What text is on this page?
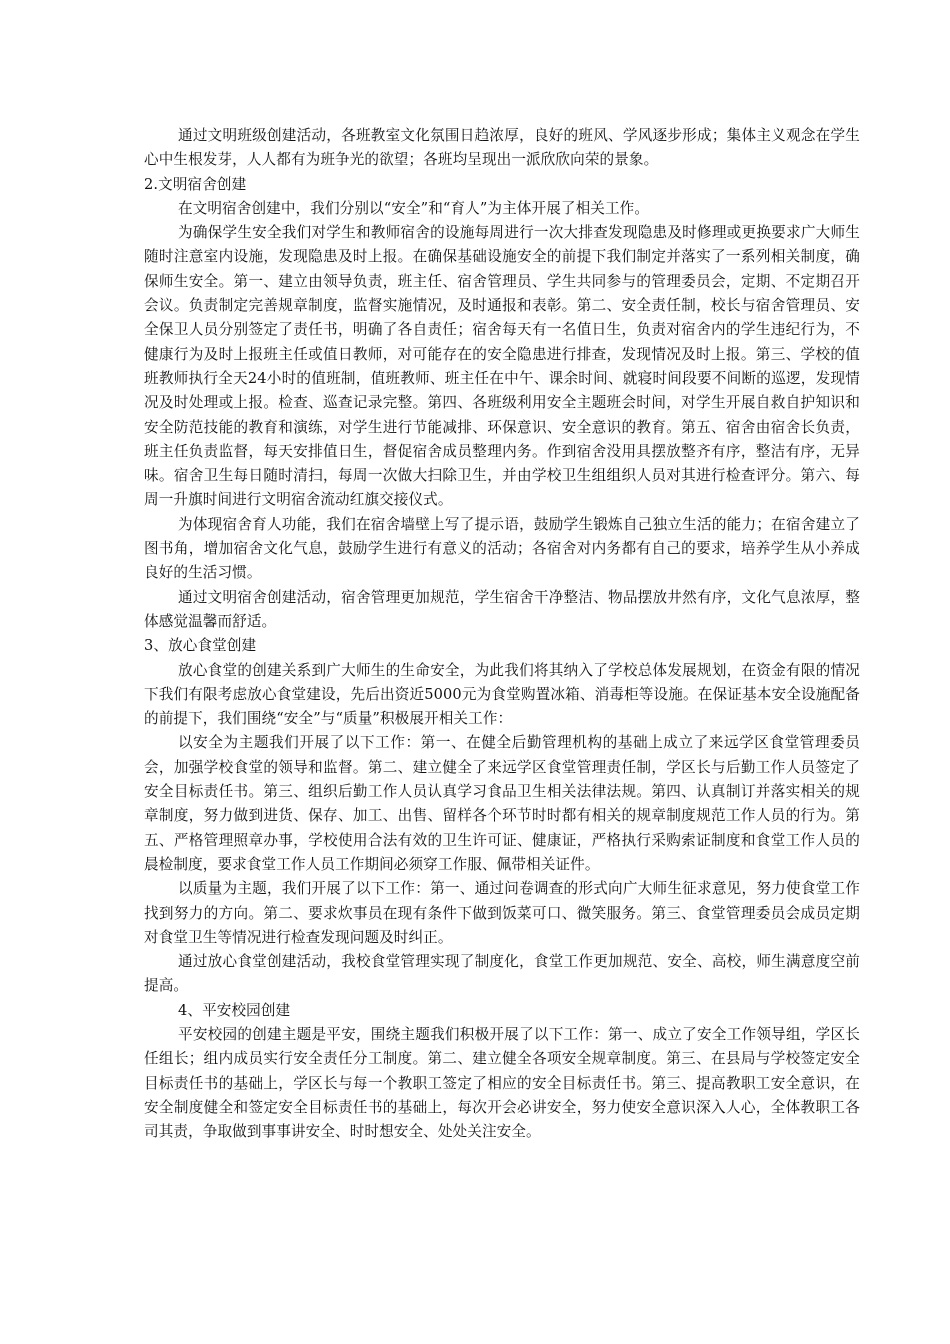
通过文明班级创建活动，各班教室文化氛围日趋浓厚，良好的班风、学风逐步形成；集体主义观念在学生心中生根发芽，人人都有为班争光的欲望；各班均呈现出一派欣欣向荣的景象。

2.文明宿舍创建

在文明宿舍创建中，我们分别以“安全”和“育人”为主体开展了相关工作。

为确保学生安全我们对学生和教师宿舍的设施每周进行一次大排查发现隐患及时修理或更换要求广大师生随时注意室内设施，发现隐患及时上报。在确保基础设施安全的前提下我们制定并落实了一系列相关制度，确保师生安全。第一、建立由领导负责，班主任、宿舍管理员、学生共同参与的管理委员会，定期、不定期召开会议。负责制定完善规章制度，监督实施情况，及时通报和表彰。第二、安全责任制，校长与宿舍管理员、安全保卫人员分别签定了责任书，明确了各自责任；宿舍每天有一名值日生，负责对宿舍内的学生违纪行为，不健康行为及时上报班主任或值日教师，对可能存在的安全隐患进行排查，发现情况及时上报。第三、学校的值班教师执行全天24小时的值班制，值班教师、班主任在中午、课余时间、就寝时间段要不间断的巡逻，发现情况及时处理或上报。检查、巡查记录完整。第四、各班级利用安全主题班会时间，对学生开展自救自护知识和安全防范技能的教育和演练，对学生进行节能减排、环保意识、安全意识的教育。第五、宿舍由宿舍长负责，班主任负责监督，每天安排值日生，督促宿舍成员整理内务。作到宿舍没用具摆放整齐有序，整洁有序，无异味。宿舍卫生每日随时清扫，每周一次做大扫除卫生，并由学校卫生组组织人员对其进行检查评分。第六、每周一升旗时间进行文明宿舍流动红旗交接仪式。

为体现宿舍育人功能，我们在宿舍墙壁上写了提示语，鼓励学生锻炼自己独立生活的能力；在宿舍建立了图书角，增加宿舍文化气息，鼓励学生进行有意义的活动；各宿舍对内务都有自己的要求，培养学生从小养成良好的生活习惯。

通过文明宿舍创建活动，宿舍管理更加规范，学生宿舍干净整洁、物品摆放井然有序，文化气息浓厚，整体感觉温馨而舒适。

3、放心食堂创建

放心食堂的创建关系到广大师生的生命安全，为此我们将其纳入了学校总体发展规划，在资金有限的情况下我们有限考虑放心食堂建设，先后出资近5000元为食堂购置冰箱、消毒柜等设施。在保证基本安全设施配备的前提下，我们围绕“安全”与“质量”积极展开相关工作：

以安全为主题我们开展了以下工作：第一、在健全后勤管理机构的基础上成立了来远学区食堂管理委员会，加强学校食堂的领导和监督。第二、建立健全了来远学区食堂管理责任制，学区长与后勤工作人员签定了安全目标责任书。第三、组织后勤工作人员认真学习食品卫生相关法律法规。第四、认真制订并落实相关的规章制度，努力做到进货、保存、加工、出售、留样各个环节时时都有相关的规章制度规范工作人员的行为。第五、严格管理照章办事，学校使用合法有效的卫生许可证、健康证，严格执行采购索证制度和食堂工作人员的晨检制度，要求食堂工作人员工作期间必须穿工作服、佩带相关证件。

以质量为主题，我们开展了以下工作：第一、通过问卷调查的形式向广大师生征求意见，努力使食堂工作找到努力的方向。第二、要求炊事员在现有条件下做到饭菜可口、微笑服务。第三、食堂管理委员会成员定期对食堂卫生等情况进行检查发现问题及时纠正。

通过放心食堂创建活动，我校食堂管理实现了制度化，食堂工作更加规范、安全、高校，师生满意度空前提高。

4、平安校园创建

平安校园的创建主题是平安，围绕主题我们积极开展了以下工作：第一、成立了安全工作领导组，学区长任组长；组内成员实行安全责任分工制度。第二、建立健全各项安全规章制度。第三、在县局与学校签定安全目标责任书的基础上，学区长与每一个教职工签定了相应的安全目标责任书。第三、提高教职工安全意识，在安全制度健全和签定安全目标责任书的基础上，每次开会必讲安全，努力使安全意识深入人心，全体教职工各司其责，争取做到事事讲安全、时时想安全、处处关注安全。
